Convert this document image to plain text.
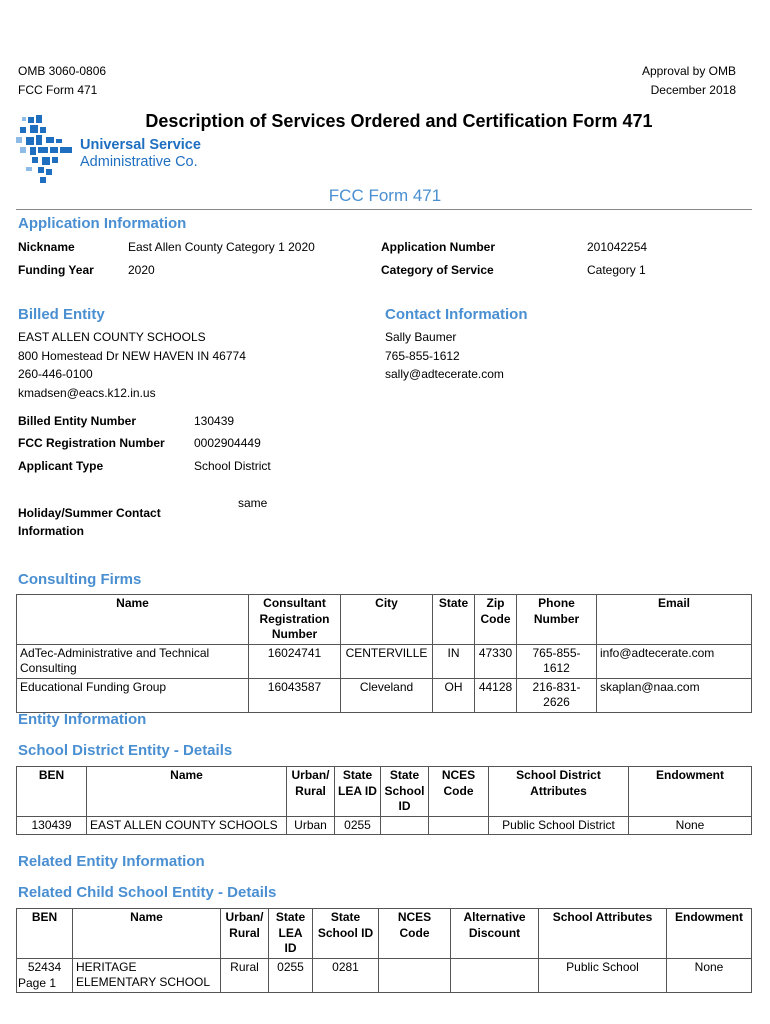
OMB 3060-0806
FCC Form 471
Approval by OMB
December 2018
Universal Service
Administrative Co.
Description of Services Ordered and Certification Form 471
FCC Form 471
Application Information
Nickname	East Allen County Category 1 2020
Funding Year	2020
Application Number	201042254
Category of Service	Category 1
Billed Entity
EAST ALLEN COUNTY SCHOOLS
800 Homestead Dr NEW HAVEN IN 46774
260-446-0100
kmadsen@eacs.k12.in.us
Contact Information
Sally Baumer
765-855-1612
sally@adtecerate.com
Billed Entity Number	130439
FCC Registration Number 0002904449
Applicant Type	School District
Holiday/Summer Contact
Information
same
Consulting Firms
Name	Consultant Registration Number	City	State	Zip Code	Phone Number	Email
AdTec-Administrative and Technical Consulting	16024741	CENTERVILLE	IN	47330	765-855-1612	info@adtecerate.com
Educational Funding Group	16043587	Cleveland	OH	44128	216-831-2626	skaplan@naa.com
Entity Information
School District Entity - Details
BEN	Name	Urban/ Rural	State LEA ID	State School ID	NCES Code	School District Attributes	Endowment
130439	EAST ALLEN COUNTY SCHOOLS	Urban	0255			Public School District	None
Related Entity Information
Related Child School Entity - Details
BEN	Name	Urban/ Rural	State LEA ID	State School ID	NCES Code	Alternative Discount	School Attributes	Endowment
52434	HERITAGE ELEMENTARY SCHOOL	Rural	0255	0281			Public School	None
Page 1
